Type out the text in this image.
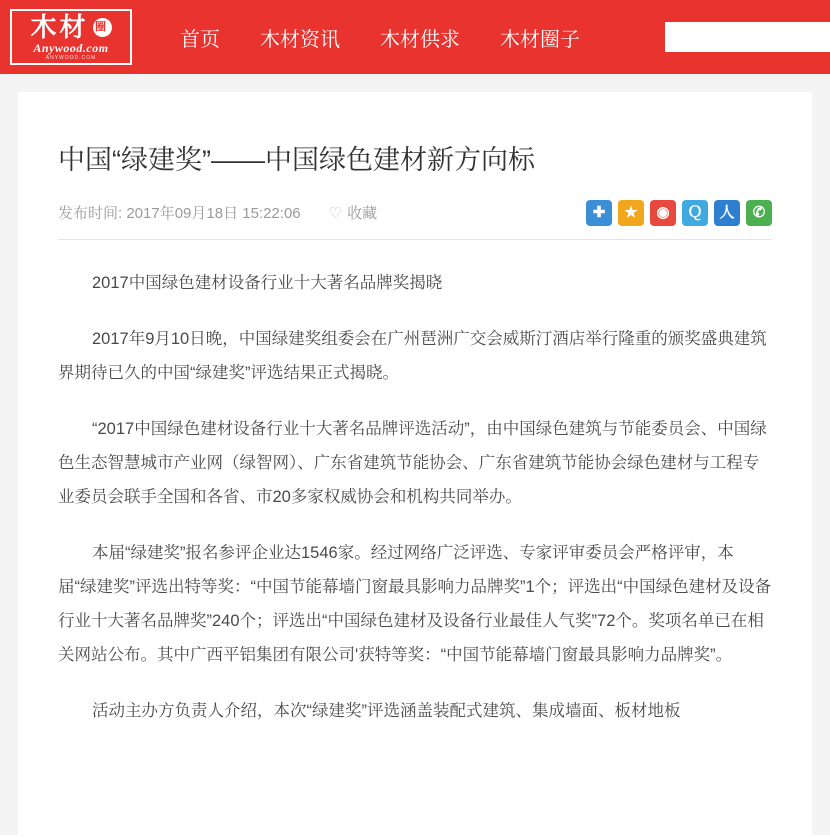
木材 圈
Anywood.com
ANYWOOD.COM
首页 木材资讯 木材供求 木材圈子
中国“绿建奖”——中国绿色建材新方向标
发布时间: 2017年09月18日 15:22:06 ♡ 收藏	✚	★	◉	Ｑ	人	✆

2017中国绿色建材设备行业十大著名品牌奖揭晓

2017年9月10日晚，中国绿建奖组委会在广州琶洲广交会威斯汀酒店举行隆重的颁奖盛典建筑界期待已久的中国“绿建奖”评选结果正式揭晓。

“2017中国绿色建材设备行业十大著名品牌评选活动”，由中国绿色建筑与节能委员会、中国绿色生态智慧城市产业网（绿智网）、广东省建筑节能协会、广东省建筑节能协会绿色建材与工程专业委员会联手全国和各省、市20多家权威协会和机构共同举办。

本届“绿建奖”报名参评企业达1546家。经过网络广泛评选、专家评审委员会严格评审，本届“绿建奖”评选出特等奖：“中国节能幕墙门窗最具影响力品牌奖”1个；评选出“中国绿色建材及设备行业十大著名品牌奖”240个；评选出“中国绿色建材及设备行业最佳人气奖”72个。奖项名单已在相关网站公布。其中广西平铝集团有限公司'获特等奖：“中国节能幕墙门窗最具影响力品牌奖”。

活动主办方负责人介绍，本次“绿建奖”评选涵盖装配式建筑、集成墙面、板材地板
